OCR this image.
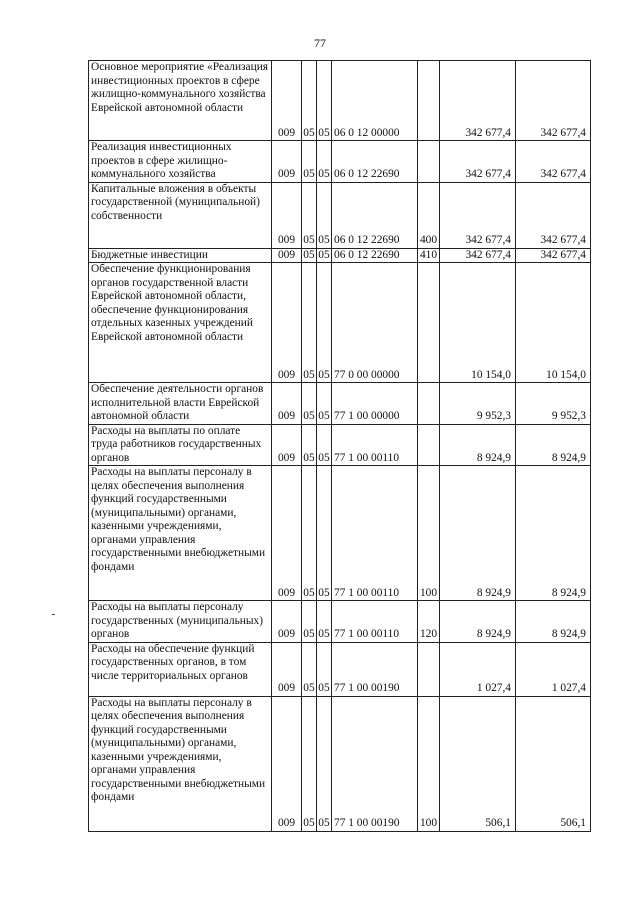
77
Основное мероприятие «Реализация инвестиционных проектов в сфере жилищно-коммунального хозяйства Еврейской автономной области	009	05	05	06 0 12 00000		342 677,4	342 677,4
Реализация инвестиционных проектов в сфере жилищно-коммунального хозяйства	009	05	05	06 0 12 22690		342 677,4	342 677,4
Капитальные вложения в объекты государственной (муниципальной) собственности	009	05	05	06 0 12 22690	400	342 677,4	342 677,4
Бюджетные инвестиции	009	05	05	06 0 12 22690	410	342 677,4	342 677,4
Обеспечение функционирования органов государственной власти Еврейской автономной области, обеспечение функционирования отдельных казенных учреждений Еврейской автономной области	009	05	05	77 0 00 00000		10 154,0	10 154,0
Обеспечение деятельности органов исполнительной власти Еврейской автономной области	009	05	05	77 1 00 00000		9 952,3	9 952,3
Расходы на выплаты по оплате труда работников государственных органов	009	05	05	77 1 00 00110		8 924,9	8 924,9
Расходы на выплаты персоналу в целях обеспечения выполнения функций государственными (муниципальными) органами, казенными учреждениями, органами управления государственными внебюджетными фондами	009	05	05	77 1 00 00110	100	8 924,9	8 924,9
Расходы на выплаты персоналу государственных (муниципальных) органов	009	05	05	77 1 00 00110	120	8 924,9	8 924,9
Расходы на обеспечение функций государственных органов, в том числе территориальных органов	009	05	05	77 1 00 00190		1 027,4	1 027,4
Расходы на выплаты персоналу в целях обеспечения выполнения функций государственными (муниципальными) органами, казенными учреждениями, органами управления государственными внебюджетными фондами	009	05	05	77 1 00 00190	100	506,1	506,1
